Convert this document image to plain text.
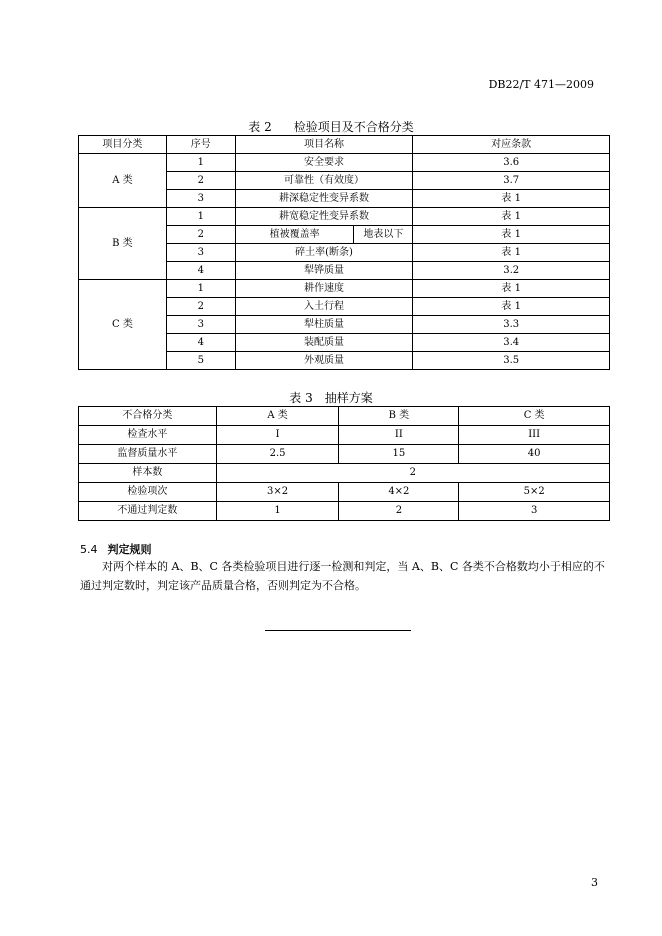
DB22/T 471—2009
表 2 检验项目及不合格分类
项目分类	序号	项目名称		对应条款
A 类	1	安全要求		3.6
	2	可靠性（有效度）		3.7
	3	耕深稳定性变异系数		表 1
B 类	1	耕宽稳定性变异系数		表 1
	2	植被覆盖率	地表以下	表 1
	3	碎土率(断条)		表 1
	4	犁铧质量		3.2
C 类	1	耕作速度		表 1
	2	入土行程		表 1
	3	犁柱质量		3.3
	4	装配质量		3.4
	5	外观质量		3.5
表 3 抽样方案
不合格分类	A 类	B 类	C 类
检查水平	I	II	III
监督质量水平	2.5	15	40
样本数	2		
检验项次	3×2	4×2	5×2
不通过判定数	1	2	3
5.4 判定规则
对两个样本的 A、B、C 各类检验项目进行逐一检测和判定，当 A、B、C 各类不合格数均小于相应的不通过判定数时，判定该产品质量合格，否则判定为不合格。
3
